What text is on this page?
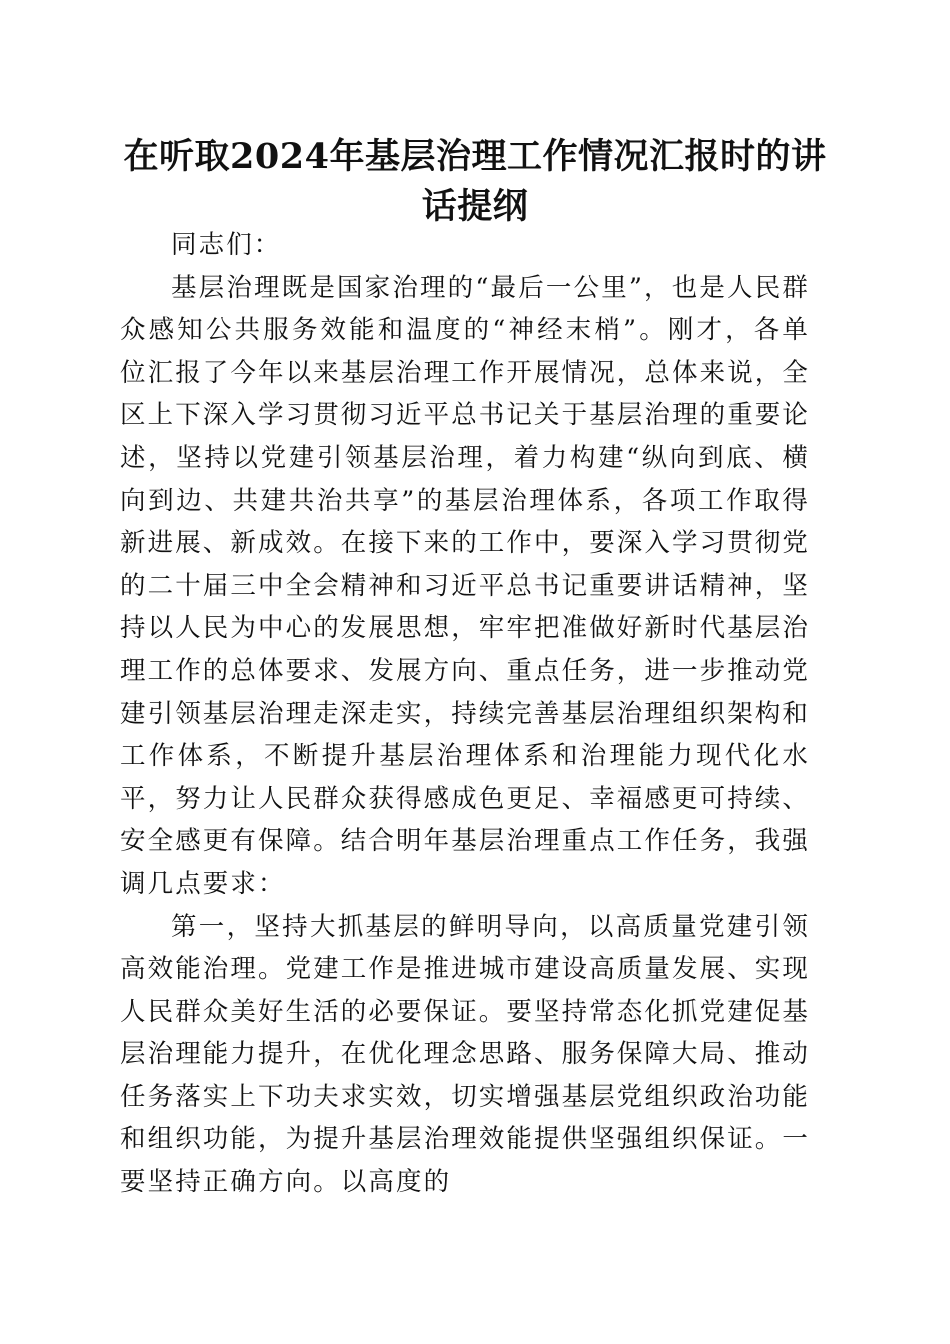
在听取2024年基层治理工作情况汇报时的讲话提纲

同志们：

基层治理既是国家治理的“最后一公里”，也是人民群众感知公共服务效能和温度的“神经末梢”。刚才，各单位汇报了今年以来基层治理工作开展情况，总体来说，全区上下深入学习贯彻习近平总书记关于基层治理的重要论述，坚持以党建引领基层治理，着力构建“纵向到底、横向到边、共建共治共享”的基层治理体系，各项工作取得新进展、新成效。在接下来的工作中，要深入学习贯彻党的二十届三中全会精神和习近平总书记重要讲话精神，坚持以人民为中心的发展思想，牢牢把准做好新时代基层治理工作的总体要求、发展方向、重点任务，进一步推动党建引领基层治理走深走实，持续完善基层治理组织架构和工作体系，不断提升基层治理体系和治理能力现代化水平，努力让人民群众获得感成色更足、幸福感更可持续、安全感更有保障。结合明年基层治理重点工作任务，我强调几点要求：

第一，坚持大抓基层的鲜明导向，以高质量党建引领高效能治理。党建工作是推进城市建设高质量发展、实现人民群众美好生活的必要保证。要坚持常态化抓党建促基层治理能力提升，在优化理念思路、服务保障大局、推动任务落实上下功夫求实效，切实增强基层党组织政治功能和组织功能，为提升基层治理效能提供坚强组织保证。一要坚持正确方向。以高度的
